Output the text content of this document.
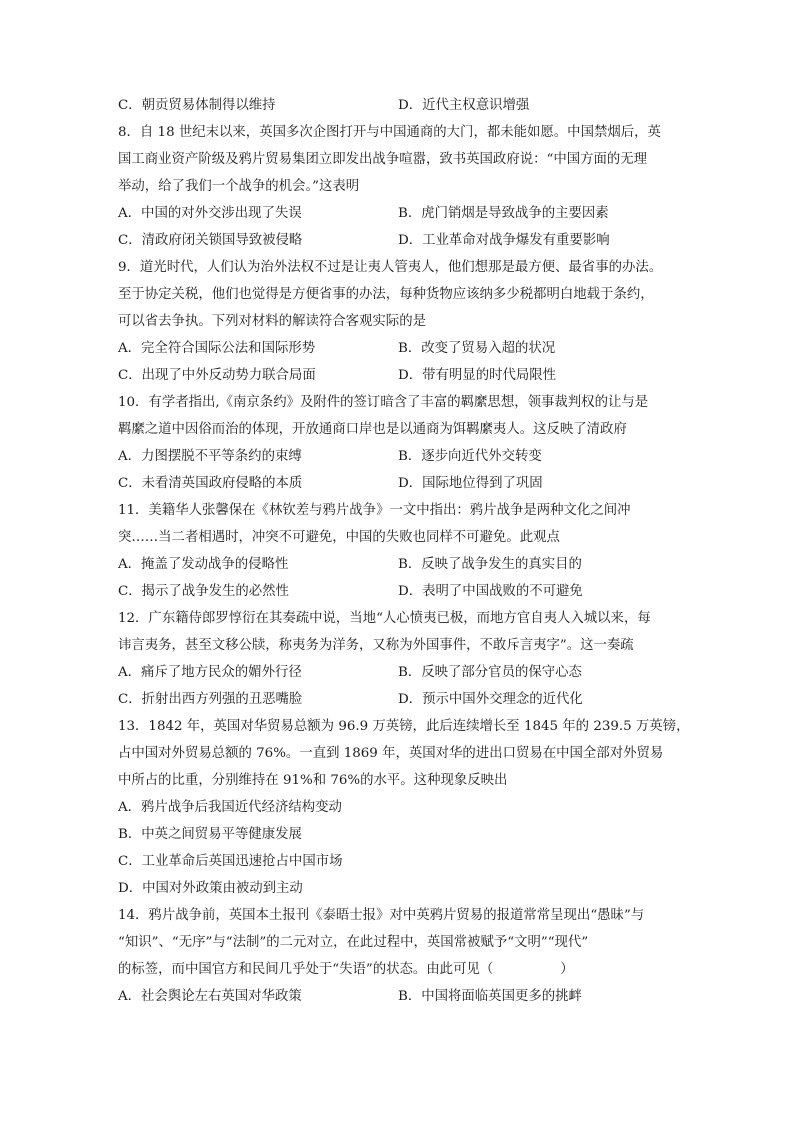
C．朝贡贸易体制得以维持	D．近代主权意识增强
8．自 18 世纪末以来，英国多次企图打开与中国通商的大门，都未能如愿。中国禁烟后，英
国工商业资产阶级及鸦片贸易集团立即发出战争喧嚣，致书英国政府说：“中国方面的无理
举动，给了我们一个战争的机会。”这表明
A．中国的对外交涉出现了失误	B．虎门销烟是导致战争的主要因素
C．清政府闭关锁国导致被侵略	D．工业革命对战争爆发有重要影响
9．道光时代，人们认为治外法权不过是让夷人管夷人，他们想那是最方便、最省事的办法。
至于协定关税，他们也觉得是方便省事的办法，每种货物应该纳多少税都明白地载于条约，
可以省去争执。下列对材料的解读符合客观实际的是
A．完全符合国际公法和国际形势	B．改变了贸易入超的状况
C．出现了中外反动势力联合局面	D．带有明显的时代局限性
10．有学者指出,《南京条约》及附件的签订暗含了丰富的羁縻思想，领事裁判权的让与是
羁縻之道中因俗而治的体现，开放通商口岸也是以通商为饵羁縻夷人。这反映了清政府
A．力图摆脱不平等条约的束缚	B．逐步向近代外交转变
C．未看清英国政府侵略的本质	D．国际地位得到了巩固
11．美籍华人张馨保在《林钦差与鸦片战争》一文中指出：鸦片战争是两种文化之间冲
突……当二者相遇时，冲突不可避免，中国的失败也同样不可避免。此观点
A．掩盖了发动战争的侵略性	B．反映了战争发生的真实目的
C．揭示了战争发生的必然性	D．表明了中国战败的不可避免
12．广东籍侍郎罗惇衍在其奏疏中说，当地“人心愤夷已极，而地方官自夷人入城以来，每
讳言夷务，甚至文移公牍，称夷务为洋务，又称为外国事件，不敢斥言夷字”。这一奏疏
A．痛斥了地方民众的媚外行径	B．反映了部分官员的保守心态
C．折射出西方列强的丑恶嘴脸	D．预示中国外交理念的近代化
13．1842 年，英国对华贸易总额为 96.9 万英镑，此后连续增长至 1845 年的 239.5 万英镑，
占中国对外贸易总额的 76%。一直到 1869 年，英国对华的进出口贸易在中国全部对外贸易
中所占的比重，分别维持在 91%和 76%的水平。这种现象反映出
A．鸦片战争后我国近代经济结构变动
B．中英之间贸易平等健康发展
C．工业革命后英国迅速抢占中国市场
D．中国对外政策由被动到主动
14．鸦片战争前，英国本土报刊《泰晤士报》对中英鸦片贸易的报道常常呈现出“愚昧”与
“知识”、“无序”与“法制”的二元对立，在此过程中，英国常被赋予“文明”“现代”
的标签，而中国官方和民间几乎处于“失语”的状态。由此可见（　　　　　）
A．社会舆论左右英国对华政策	B．中国将面临英国更多的挑衅
